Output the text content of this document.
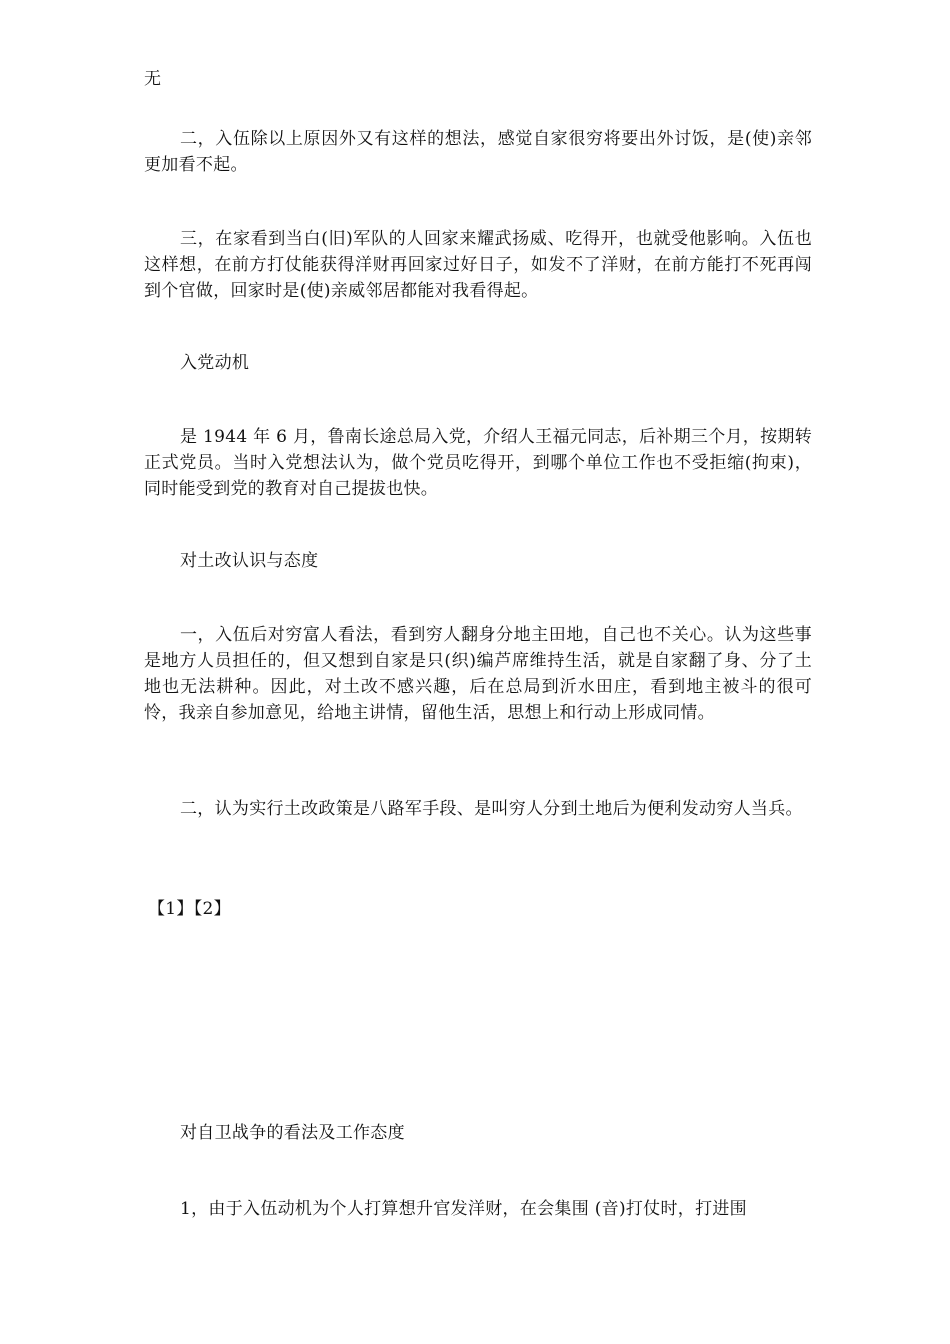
无

二，入伍除以上原因外又有这样的想法，感觉自家很穷将要出外讨饭，是(使)亲邻更加看不起。

三，在家看到当白(旧)军队的人回家来耀武扬威、吃得开，也就受他影响。入伍也这样想，在前方打仗能获得洋财再回家过好日子，如发不了洋财，在前方能打不死再闯到个官做，回家时是(使)亲威邻居都能对我看得起。

入党动机

是 1944 年 6 月，鲁南长途总局入党，介绍人王福元同志，后补期三个月，按期转正式党员。当时入党想法认为，做个党员吃得开，到哪个单位工作也不受拒缩(拘束)，同时能受到党的教育对自己提拔也快。

对土改认识与态度

一，入伍后对穷富人看法，看到穷人翻身分地主田地，自己也不关心。认为这些事是地方人员担任的，但又想到自家是只(织)编芦席维持生活，就是自家翻了身、分了土地也无法耕种。因此，对土改不感兴趣，后在总局到沂水田庄，看到地主被斗的很可怜，我亲自参加意见，给地主讲情，留他生活，思想上和行动上形成同情。

二，认为实行土改政策是八路军手段、是叫穷人分到土地后为便利发动穷人当兵。

【1】【2】

对自卫战争的看法及工作态度

1，由于入伍动机为个人打算想升官发洋财，在会集围 (音)打仗时，打进围
